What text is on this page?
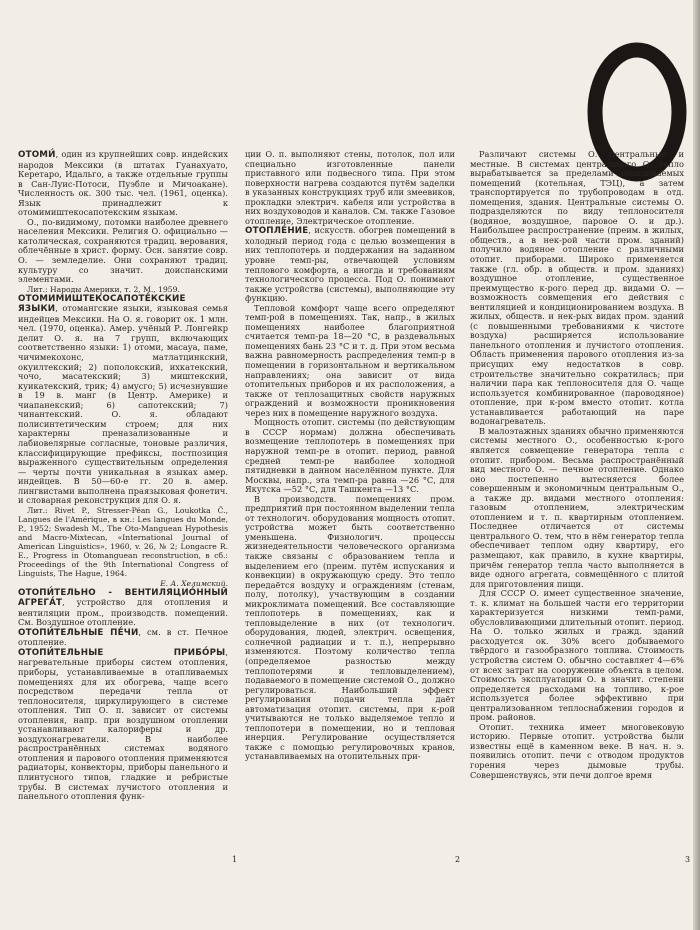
ОТОМИ́, один из крупнейших совр. индейских народов Мексики (в штатах Гуанахуато, Керетаро, Идальго, а также отдельные группы в Сан-Луис-Потоси, Пуэбле и Мичоакане). Численность ок. 300 тыс. чел. (1961, оценка). Язык принадлежит к отомимиштекосапотекским языкам.

О., по-видимому, потомки наиболее древнего населения Мексики. Религия О. официально — католическая, сохраняются традиц. верования, облечённые в христ. форму. Осн. занятие совр. О. — земледелие. Они сохраняют традиц. культуру со значит. доиспанскими элементами.

Лит.: Народы Америки, т. 2, М., 1959.

ОТОМИМИШТЕКОСАПОТЕ́КСКИЕ ЯЗЫКИ, отомангские языки, языковая семья индейцев Мексики. На О. я. говорит ок. 1 млн. чел. (1970, оценка). Амер. учёный Р. Лонгейкр делит О. я. на 7 групп, включающих соответственно языки: 1) отоми, масауа, паме, чичимекохонс, матлатцинкский, окуилтекский; 2) пополокский, ихкатекский, чочо, масатекский; 3) миштекский, куикатекский, трик; 4) амусго; 5) исчезнувшие в 19 в. манг (в Центр. Америке) и чиапанекский; 6) сапотекский; 7) чинантекский. О. я. обладают полисинтетическим строем; для них характерны преназализованные и лабиовелярные согласные, тоновые различия, классифицирующие префиксы, постпозиция выраженного существительным определения — черты почти уникальная в языках амер. индейцев. В 50—60-е гг. 20 в. амер. лингвистами выполнена праязыковая фонетич. и словарная реконструкция для О. я.

Лит.: Rivet P., Stresser-Péan G., Loukotka Č., Langues de l'Amérique, в кн.: Les langues du Monde, P., 1952; Swadesh M., The Oto-Manguean Hypothesis and Macro-Mixtecan, «International Journal of American Linguistics», 1960, v. 26, № 2; Longacre R. E., Progress in Otomanguean reconstruction, в сб.: Proceedings of the 9th International Congress of Linguists, The Hague, 1964.

Е. А. Хелимский.

ОТОПИ́ТЕЛЬНО - ВЕНТИЛЯЦИО́ННЫЙ АГРЕГА́Т, устройство для отопления и вентиляции пром., производств. помещений. См. Воздушное отопление.

ОТОПИ́ТЕЛЬНЫЕ ПЕ́ЧИ, см. в ст. Печное отопление.

ОТОПИ́ТЕЛЬНЫЕ ПРИБО́РЫ, нагревательные приборы систем отопления, приборы, устанавливаемые в отапливаемых помещениях для их обогрева, чаще всего посредством передачи тепла от теплоносителя, циркулирующего в системе отопления. Тип О. п. зависит от системы отопления, напр. при воздушном отоплении устанавливают калориферы и др. воздухонагреватели. В наиболее распространённых системах водяного отопления и парового отопления применяются радиаторы, конвекторы, приборы панельного и плинтусного типов, гладкие и ребристые трубы. В системах лучистого отопления и панельного отопления функ-

ции О. п. выполняют стены, потолок, пол или специально изготовленные панели приставного или подвесного типа. При этом поверхности нагрева создаются путём заделки в указанных конструкциях труб или змеевиков, прокладки электрич. кабеля или устройства в них воздуховодов и каналов. См. также Газовое отопление, Электрическое отопление.

ОТОПЛЕ́НИЕ, искусств. обогрев помещений в холодный период года с целью возмещения в них теплопотерь и поддержания на заданном уровне темп-ры, отвечающей условиям теплового комфорта, а иногда и требованиям технологического процесса. Под О. понимают также устройства (системы), выполняющие эту функцию.

Тепловой комфорт чаще всего определяют темп-рой в помещениях. Так, напр., в жилых помещениях наиболее благоприятной считается темп-ра 18—20 °С, в раздевальных помещениях бань 23 °С и т. д. При этом весьма важна равномерность распределения темп-р в помещении в горизонтальном и вертикальном направлениях; она зависит от вида отопительных приборов и их расположения, а также от теплозащитных свойств наружных ограждений и возможности проникновения через них в помещение наружного воздуха.

Мощность отопит. системы (по действующим в СССР нормам) должна обеспечивать возмещение теплопотерь в помещениях при наружной темп-ре в отопит. период, равной средней темп-ре наиболее холодной пятидневки в данном населённом пункте. Для Москвы, напр., эта темп-ра равна —26 °С, для Якутска —52 °С, для Ташкента —13 °С.

В производств. помещениях пром. предприятий при постоянном выделении тепла от технологич. оборудования мощность отопит. устройства может быть соответственно уменьшена. Физиологич. процессы жизнедеятельности человеческого организма также связаны с образованием тепла и выделением его (преим. путём испускания и конвекции) в окружающую среду. Это тепло передаётся воздуху и ограждениям (стенам, полу, потолку), участвующим в создании микроклимата помещений. Все составляющие теплопотерь в помещениях, как и тепловыделение в них (от технологич. оборудования, людей, электрич. освещения, солнечной радиации и т. п.), непрерывно изменяются. Поэтому количество тепла (определяемое разностью между теплопотерями и тепловыделением), подаваемого в помещение системой О., должно регулироваться. Наибольший эффект регулирования подачи тепла даёт автоматизация отопит. системы, при к-рой учитываются не только выделяемое тепло и теплопотери в помещении, но и тепловая инерция. Регулирование осуществляется также с помощью регулировочных кранов, устанавливаемых на отопительных при-

Различают системы О. центральные и местные. В системах центрального О. тепло вырабатывается за пределами отапливаемых помещений (котельная, ТЭЦ), а затем транспортируется по трубопроводам в отд. помещения, здания. Центральные системы О. подразделяются по виду теплоносителя (водяное, воздушное, паровое О. и др.). Наибольшее распространение (преим. в жилых, обществ., а в нек-рой части пром. зданий) получило водяное отопление с различными отопит. приборами. Широко применяется также (гл. обр. в обществ. и пром. зданиях) воздушное отопление, существенное преимущество к-рого перед др. видами О. — возможность совмещения его действия с вентиляцией и кондиционированием воздуха. В жилых, обществ. и нек-рых видах пром. зданий (с повышенными требованиями к чистоте воздуха) расширяется использование панельного отопления и лучистого отопления. Область применения парового отопления из-за присущих ему недостатков в совр. строительстве значительно сократилась; при наличии пара как теплоносителя для О. чаще используется комбинированное (пароводяное) отопление, при к-ром вместо отопит. котла устанавливается работающий на паре водонагреватель.

В малоэтажных зданиях обычно применяются системы местного О., особенностью к-рого является совмещение генератора тепла с отопит. прибором. Весьма распространённый вид местного О. — печное отопление. Однако оно постепенно вытесняется более совершенным и экономичным центральным О., а также др. видами местного отопления: газовым отоплением, электрическим отоплением и т. п. квартирным отоплением. Последнее отличается от системы центрального О. тем, что в нём генератор тепла обеспечивает теплом одну квартиру, его размещают, как правило, в кухне квартиры, причём генератор тепла часто выполняется в виде одного агрегата, совмещённого с плитой для приготовления пищи.

Для СССР О. имеет существенное значение, т. к. климат на большей части его территории характеризуется низкими темп-рами, обусловливающими длительный отопит. период. На О. только жилых и гражд. зданий расходуется ок. 30% всего добываемого твёрдого и газообразного топлива. Стоимость устройства систем О. обычно составляет 4—6% от всех затрат на сооружение объекта в целом. Стоимость эксплуатации О. в значит. степени определяется расходами на топливо, к-рое используется более эффективно при централизованном теплоснабжении городов и пром. районов.

Отопит. техника имеет многовековую историю. Первые отопит. устройства были известны ещё в каменном веке. В нач. н. э. появились отопит. печи с отводом продуктов горения через дымовые трубы. Совершенствуясь, эти печи долгое время

1	2	3
